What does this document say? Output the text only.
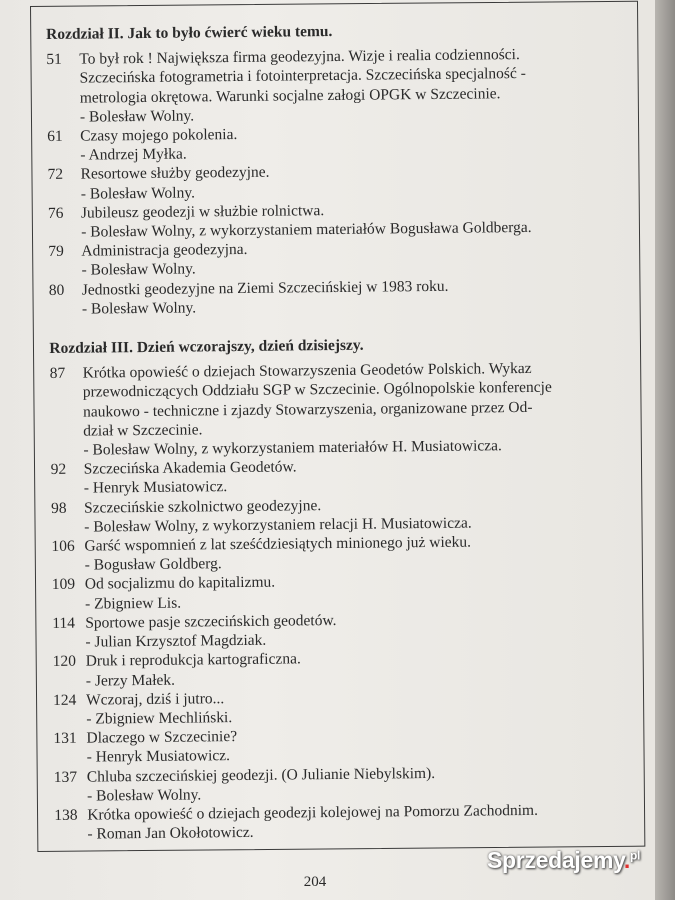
Rozdział II. Jak to było ćwierć wieku temu.
51	To był rok ! Największa firma geodezyjna. Wizje i realia codzienności.
Szczecińska fotogrametria i fotointerpretacja. Szczecińska specjalność -
metrologia okrętowa. Warunki socjalne załogi OPGK w Szczecinie.
- Bolesław Wolny.
61	Czasy mojego pokolenia.
- Andrzej Myłka.
72	Resortowe służby geodezyjne.
- Bolesław Wolny.
76	Jubileusz geodezji w służbie rolnictwa.
- Bolesław Wolny, z wykorzystaniem materiałów Bogusława Goldberga.
79	Administracja geodezyjna.
- Bolesław Wolny.
80	Jednostki geodezyjne na Ziemi Szczecińskiej w 1983 roku.
- Bolesław Wolny.
Rozdział III. Dzień wczorajszy, dzień dzisiejszy.
87	Krótka opowieść o dziejach Stowarzyszenia Geodetów Polskich. Wykaz
przewodniczących Oddziału SGP w Szczecinie. Ogólnopolskie konferencje
naukowo - techniczne i zjazdy Stowarzyszenia, organizowane przez Od-
dział w Szczecinie.
- Bolesław Wolny, z wykorzystaniem materiałów H. Musiatowicza.
92	Szczecińska Akademia Geodetów.
- Henryk Musiatowicz.
98	Szczecińskie szkolnictwo geodezyjne.
- Bolesław Wolny, z wykorzystaniem relacji H. Musiatowicza.
106 Garść wspomnień z lat sześćdziesiątych minionego już wieku.
- Bogusław Goldberg.
109 Od socjalizmu do kapitalizmu.
- Zbigniew Lis.
114 Sportowe pasje szczecińskich geodetów.
- Julian Krzysztof Magdziak.
120 Druk i reprodukcja kartograficzna.
- Jerzy Małek.
124 Wczoraj, dziś i jutro...
- Zbigniew Mechliński.
131 Dlaczego w Szczecinie?
- Henryk Musiatowicz.
137 Chluba szczecińskiej geodezji. (O Julianie Niebylskim).
- Bolesław Wolny.
138 Krótka opowieść o dziejach geodezji kolejowej na Pomorzu Zachodnim.
- Roman Jan Okołotowicz.
204
Sprzedajemy.$^{pl}$
